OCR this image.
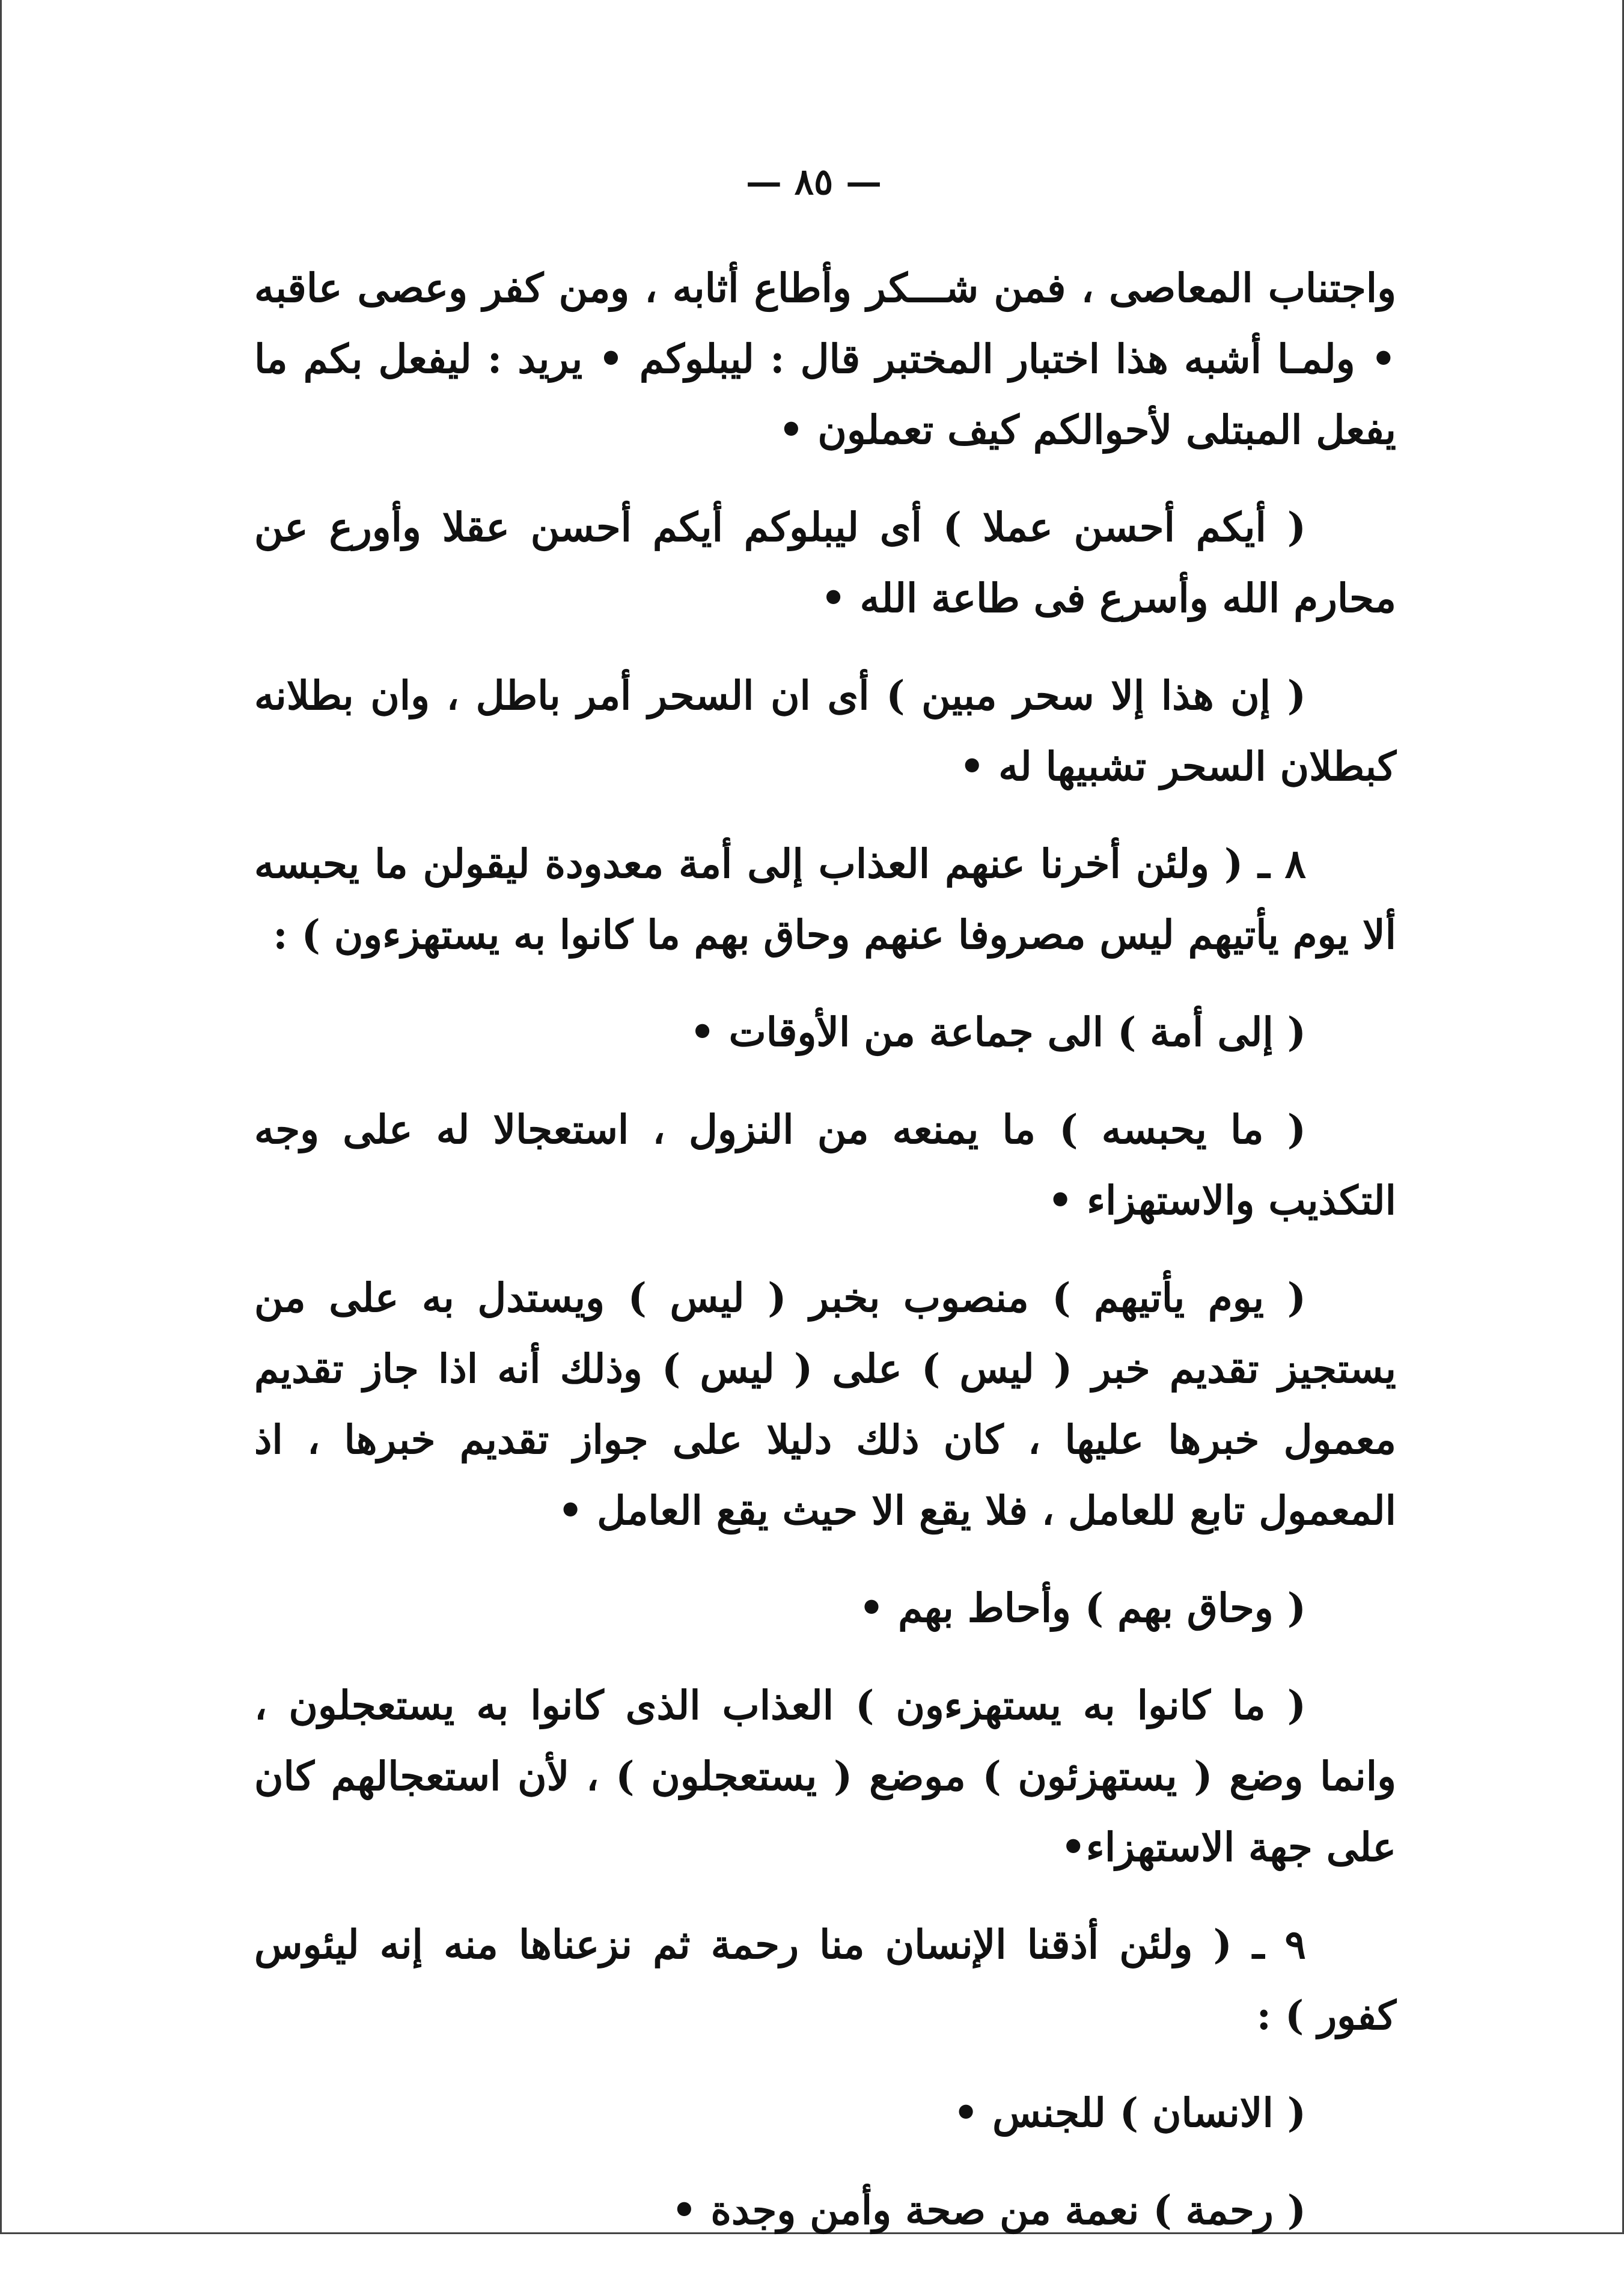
— ٨٥ —

واجتناب المعاصى ، فمن شـــكر وأطاع أثابه ، ومن كفر وعصى عاقبه • ولمـا أشبه هذا اختبار المختبر قال : ليبلوكم • يريد : ليفعل بكم ما يفعل المبتلى لأحوالكم كيف تعملون •

( أيكم أحسن عملا ) أى ليبلوكم أيكم أحسن عقلا وأورع عن محارم الله وأسرع فى طاعة الله •

( إن هذا إلا سحر مبين ) أى ان السحر أمر باطل ، وان بطلانه كبطلان السحر تشبيها له •

٨ ـ ( ولئن أخرنا عنهم العذاب إلى أمة معدودة ليقولن ما يحبسه ألا يوم يأتيهم ليس مصروفا عنهم وحاق بهم ما كانوا به يستهزءون ) :

( إلى أمة ) الى جماعة من الأوقات •

( ما يحبسه ) ما يمنعه من النزول ، استعجالا له على وجه التكذيب والاستهزاء •

( يوم يأتيهم ) منصوب بخبر ( ليس ) ويستدل به على من يستجيز تقديم خبر ( ليس ) على ( ليس ) وذلك أنه اذا جاز تقديم معمول خبرها عليها ، كان ذلك دليلا على جواز تقديم خبرها ، اذ المعمول تابع للعامل ، فلا يقع الا حيث يقع العامل •

( وحاق بهم ) وأحاط بهم •

( ما كانوا به يستهزءون ) العذاب الذى كانوا به يستعجلون ، وانما وضع ( يستهزئون ) موضع ( يستعجلون ) ، لأن استعجالهم كان على جهة الاستهزاء•

٩ ـ ( ولئن أذقنا الإنسان منا رحمة ثم نزعناها منه إنه ليئوس كفور ) :

( الانسان ) للجنس •

( رحمة ) نعمة من صحة وأمن وجدة •
